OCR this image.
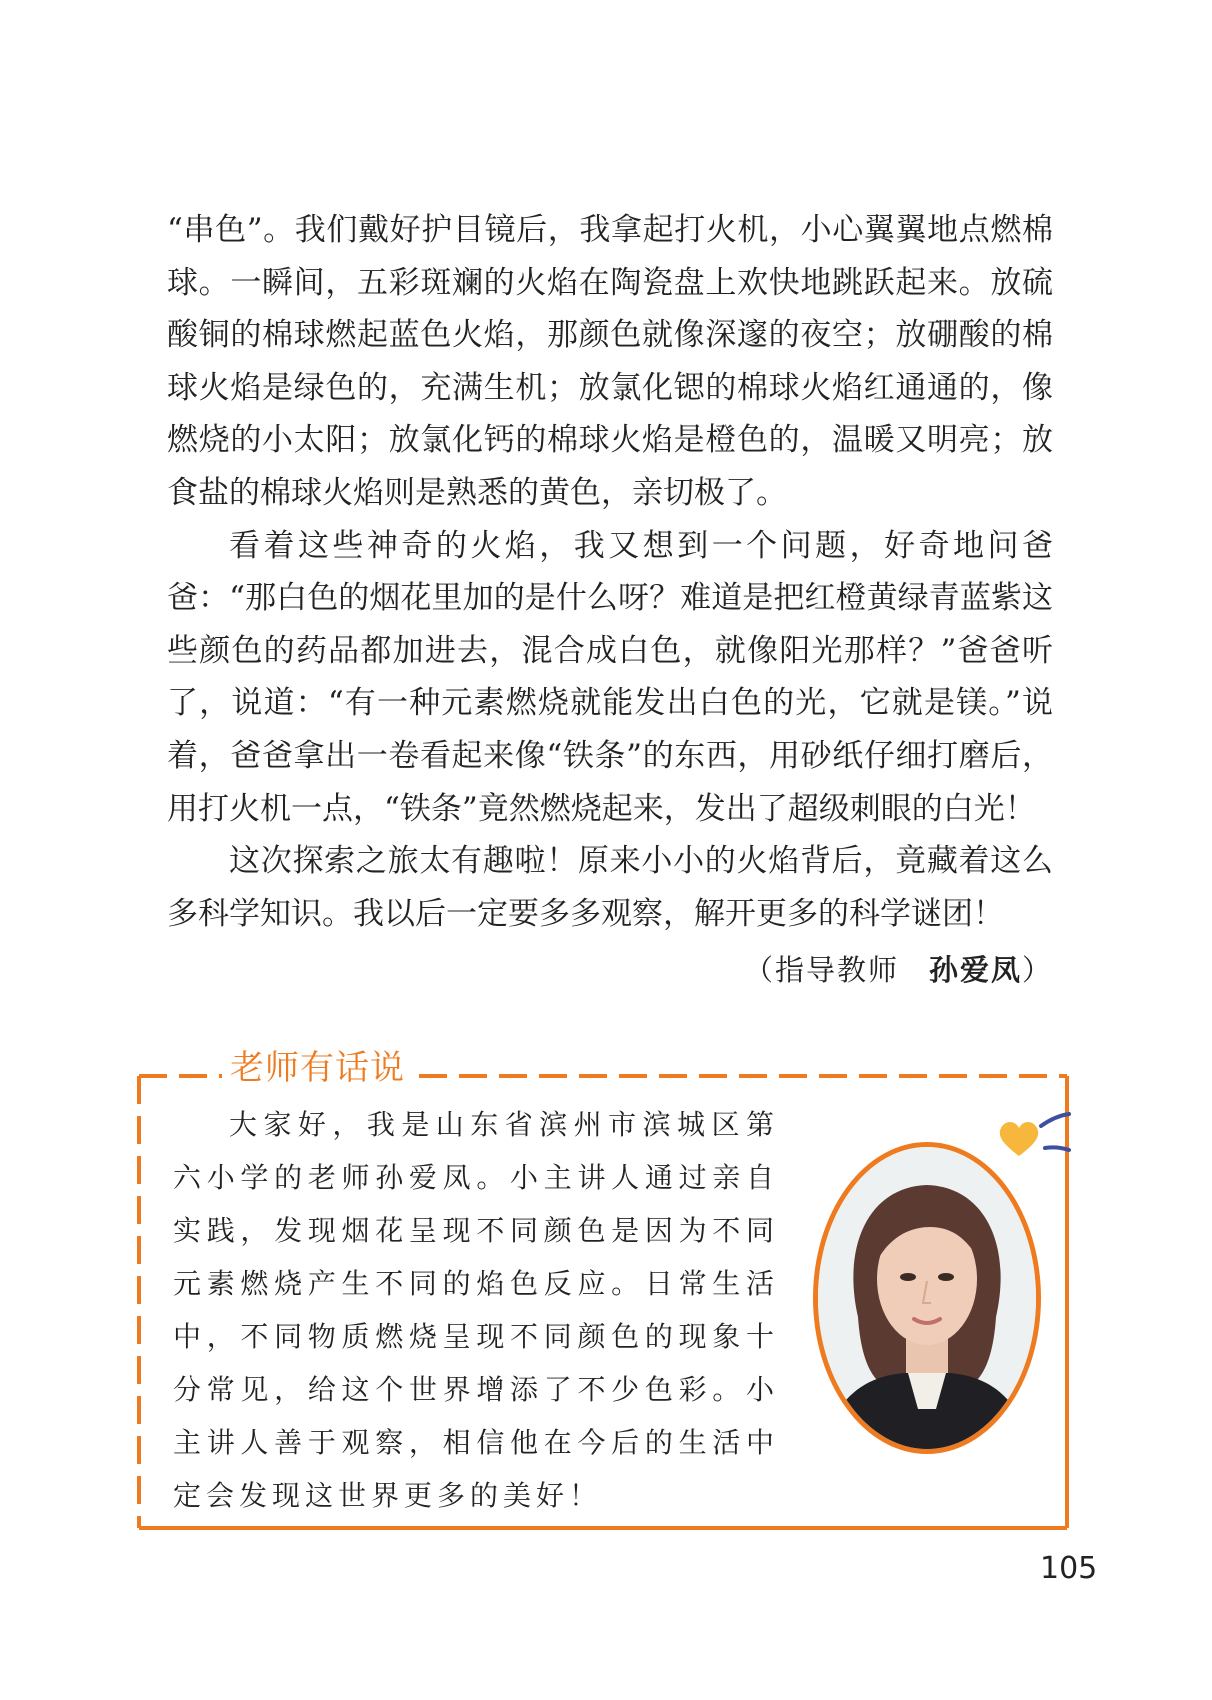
“串色”。我们戴好护目镜后，我拿起打火机，小心翼翼地点燃棉球。一瞬间，五彩斑斓的火焰在陶瓷盘上欢快地跳跃起来。放硫酸铜的棉球燃起蓝色火焰，那颜色就像深邃的夜空；放硼酸的棉球火焰是绿色的，充满生机；放氯化锶的棉球火焰红通通的，像燃烧的小太阳；放氯化钙的棉球火焰是橙色的，温暖又明亮；放食盐的棉球火焰则是熟悉的黄色，亲切极了。

看着这些神奇的火焰，我又想到一个问题，好奇地问爸爸：“那白色的烟花里加的是什么呀？难道是把红橙黄绿青蓝紫这些颜色的药品都加进去，混合成白色，就像阳光那样？”爸爸听了，说道：“有一种元素燃烧就能发出白色的光，它就是镁。”说着，爸爸拿出一卷看起来像“铁条”的东西，用砂纸仔细打磨后，用打火机一点，“铁条”竟然燃烧起来，发出了超级刺眼的白光！

这次探索之旅太有趣啦！原来小小的火焰背后，竟藏着这么多科学知识。我以后一定要多多观察，解开更多的科学谜团！

（指导教师 孙爱凤）
老师有话说

大家好，我是山东省滨州市滨城区第六小学的老师孙爱凤。小主讲人通过亲自实践，发现烟花呈现不同颜色是因为不同元素燃烧产生不同的焰色反应。日常生活中，不同物质燃烧呈现不同颜色的现象十分常见，给这个世界增添了不少色彩。小主讲人善于观察，相信他在今后的生活中定会发现这世界更多的美好！

105
